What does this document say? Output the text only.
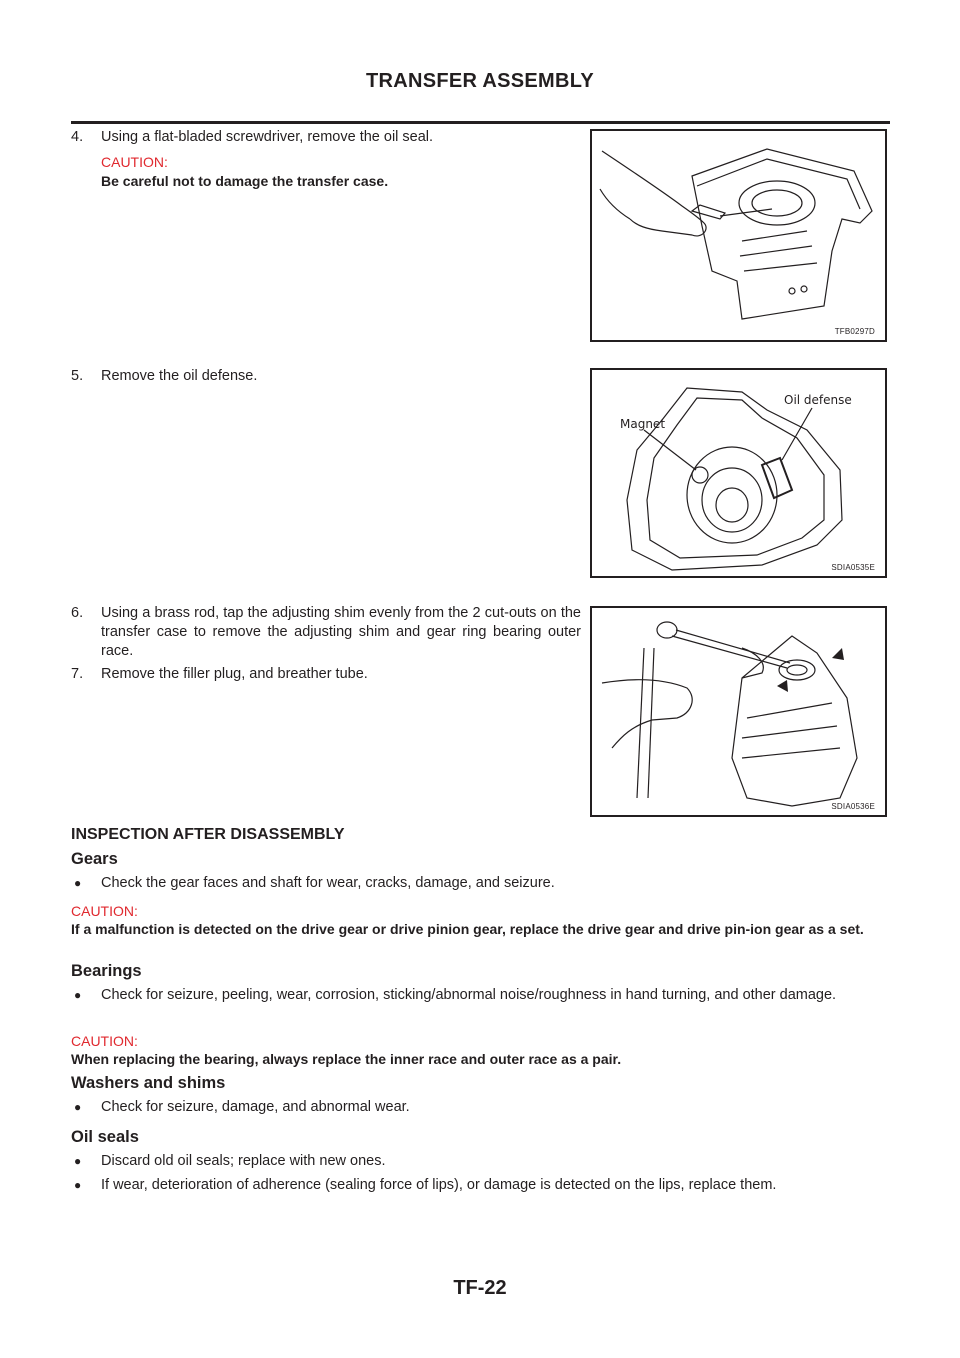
TRANSFER ASSEMBLY
4. Using a flat-bladed screwdriver, remove the oil seal.
CAUTION:
Be careful not to damage the transfer case.
5. Remove the oil defense.
6. Using a brass rod, tap the adjusting shim evenly from the 2 cut-outs on the transfer case to remove the adjusting shim and gear ring bearing outer race.
7. Remove the filler plug, and breather tube.
TFB0297D
Magnet
Oil defense
SDIA0535E
SDIA0536E
INSPECTION AFTER DISASSEMBLY
Gears
● Check the gear faces and shaft for wear, cracks, damage, and seizure.
CAUTION:
If a malfunction is detected on the drive gear or drive pinion gear, replace the drive gear and drive pin-ion gear as a set.
Bearings
● Check for seizure, peeling, wear, corrosion, sticking/abnormal noise/roughness in hand turning, and other damage.
CAUTION:
When replacing the bearing, always replace the inner race and outer race as a pair.
Washers and shims
● Check for seizure, damage, and abnormal wear.
Oil seals
● Discard old oil seals; replace with new ones.
● If wear, deterioration of adherence (sealing force of lips), or damage is detected on the lips, replace them.
TF-22
